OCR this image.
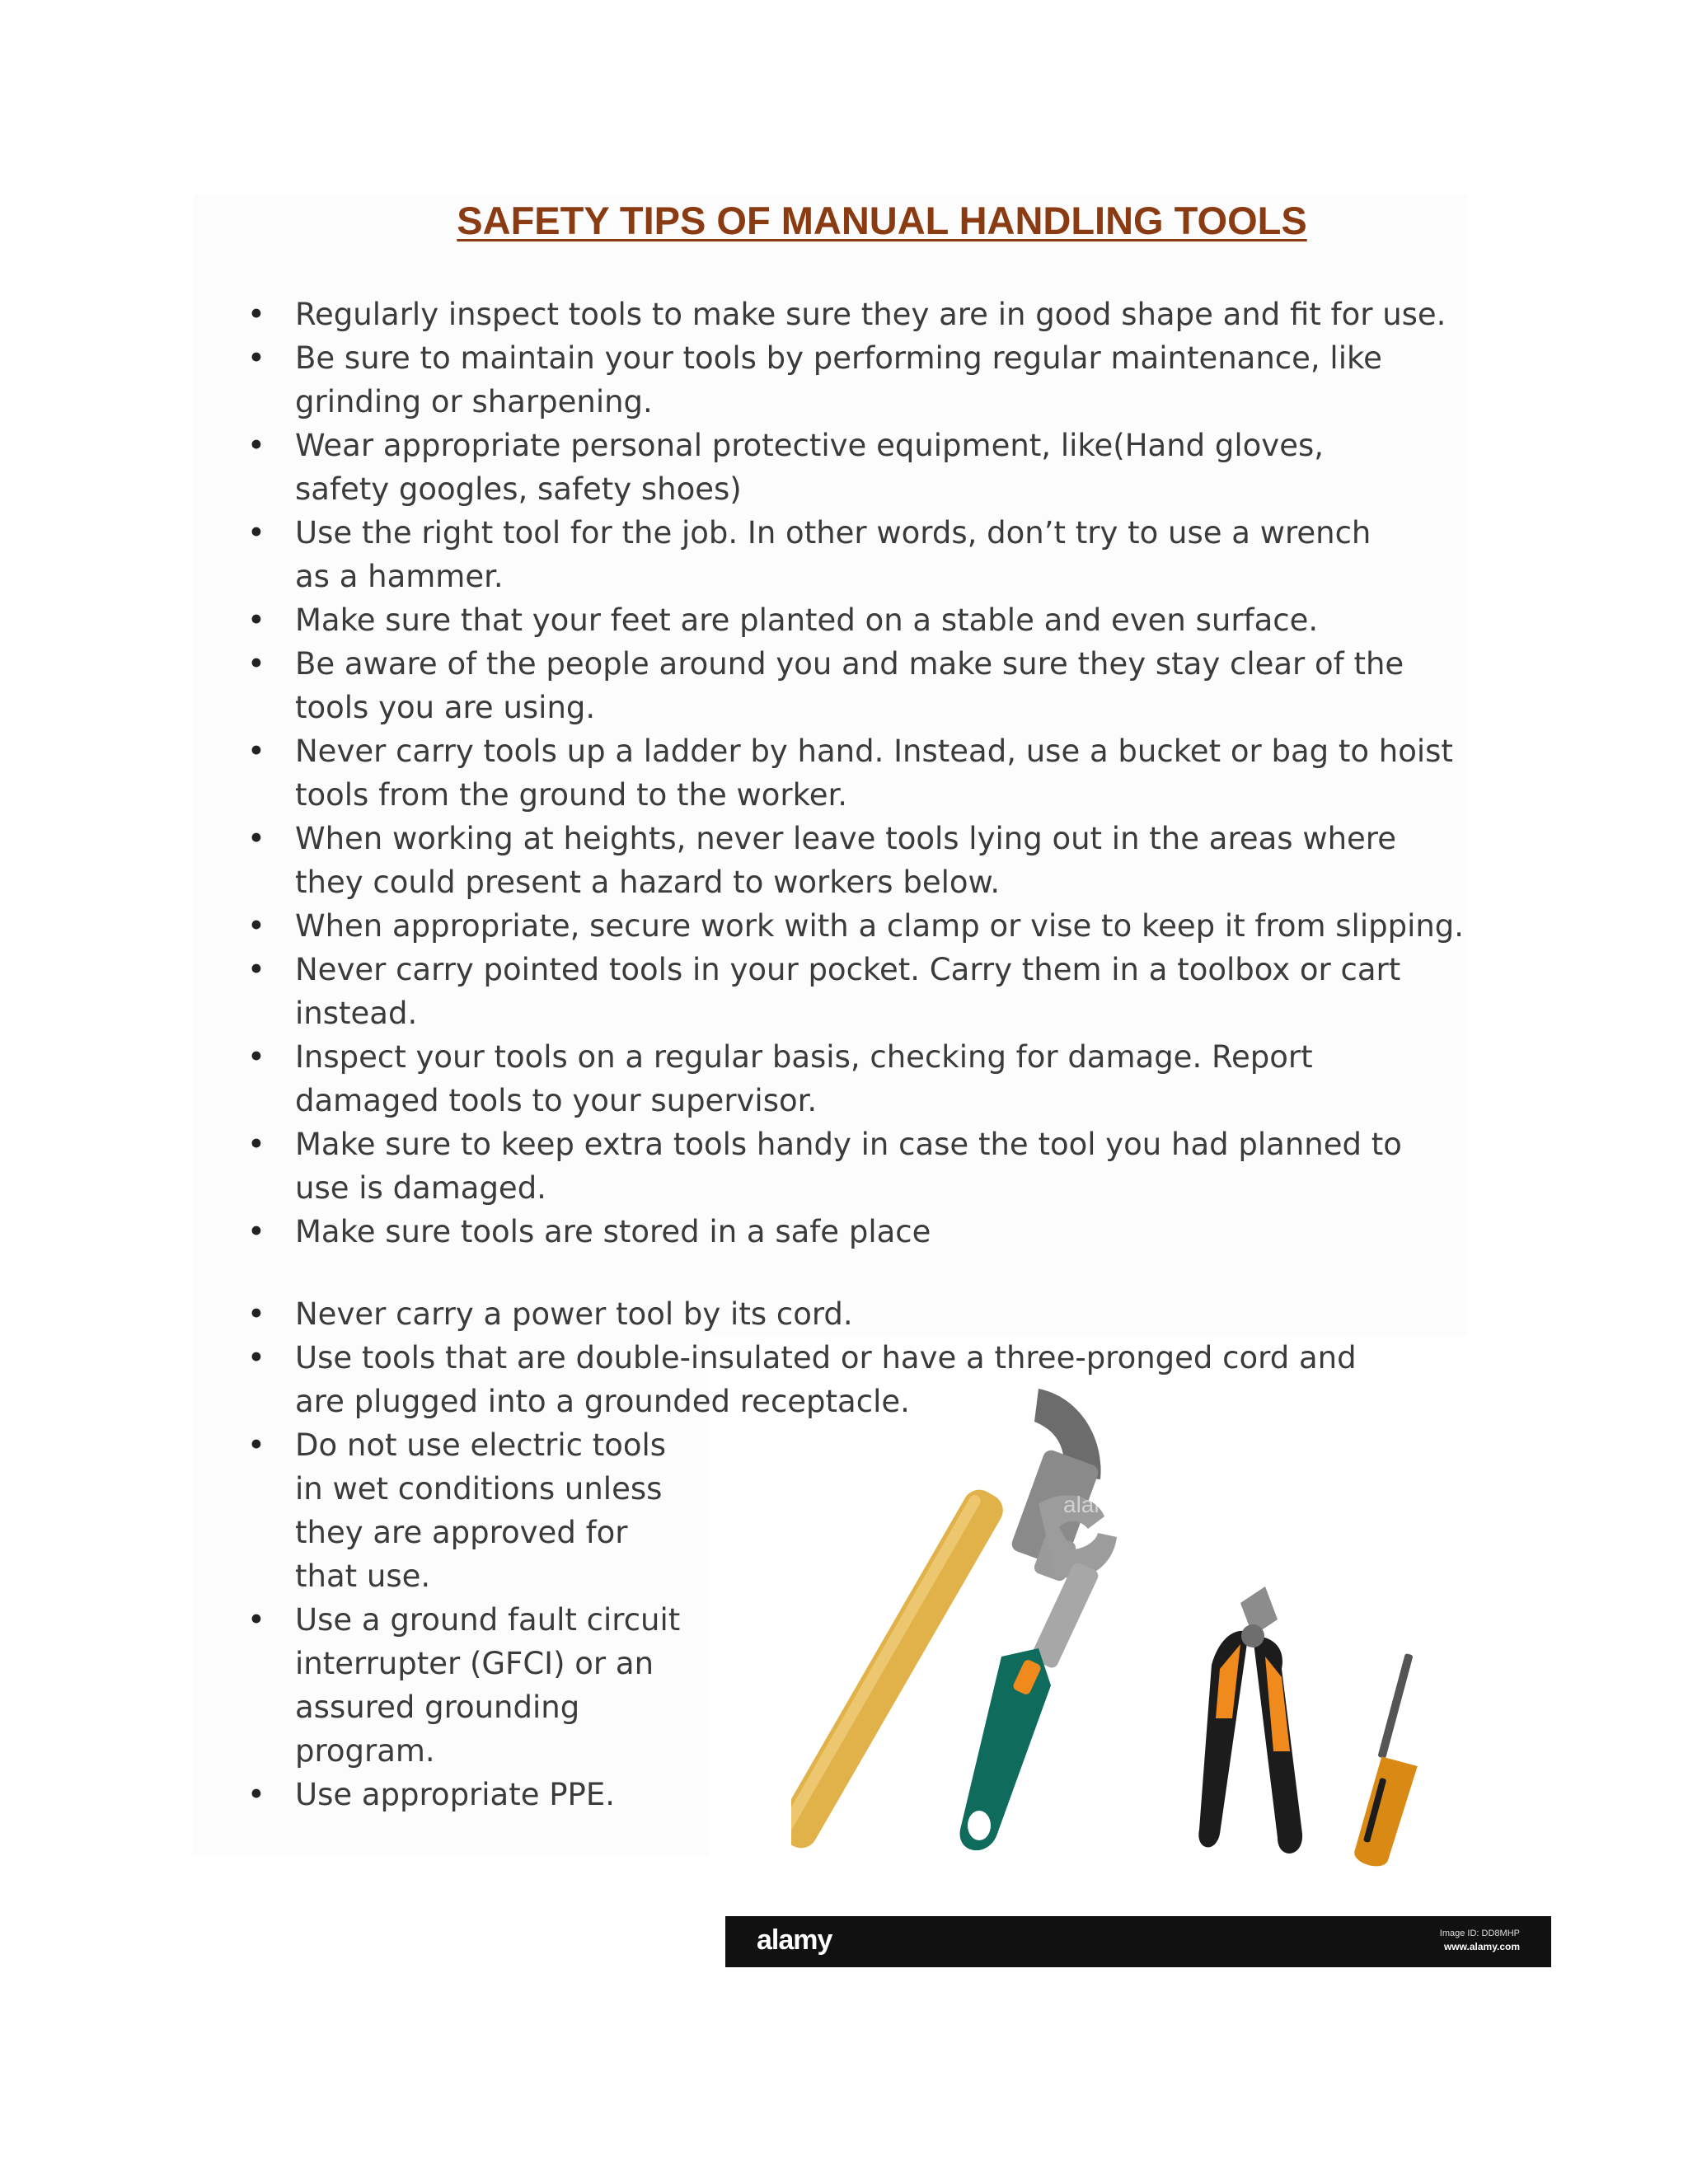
SAFETY TIPS OF MANUAL HANDLING TOOLS
• Regularly inspect tools to make sure they are in good shape and fit for use.
• Be sure to maintain your tools by performing regular maintenance, like grinding or sharpening.
• Wear appropriate personal protective equipment, like(Hand gloves, safety googles, safety shoes)
• Use the right tool for the job. In other words, don’t try to use a wrench as a hammer.
• Make sure that your feet are planted on a stable and even surface.
• Be aware of the people around you and make sure they stay clear of the tools you are using.
• Never carry tools up a ladder by hand. Instead, use a bucket or bag to hoist tools from the ground to the worker.
• When working at heights, never leave tools lying out in the areas where they could present a hazard to workers below.
• When appropriate, secure work with a clamp or vise to keep it from slipping.
• Never carry pointed tools in your pocket. Carry them in a toolbox or cart instead.
• Inspect your tools on a regular basis, checking for damage. Report damaged tools to your supervisor.
• Make sure to keep extra tools handy in case the tool you had planned to use is damaged.
• Make sure tools are stored in a safe place
• Never carry a power tool by its cord.
• Use tools that are double-insulated or have a three-pronged cord and are plugged into a grounded receptacle.
• Do not use electric tools in wet conditions unless they are approved for that use.
• Use a ground fault circuit interrupter (GFCI) or an assured grounding program.
• Use appropriate PPE.
alamy
alamy	Image ID: DD8MHP
www.alamy.com
